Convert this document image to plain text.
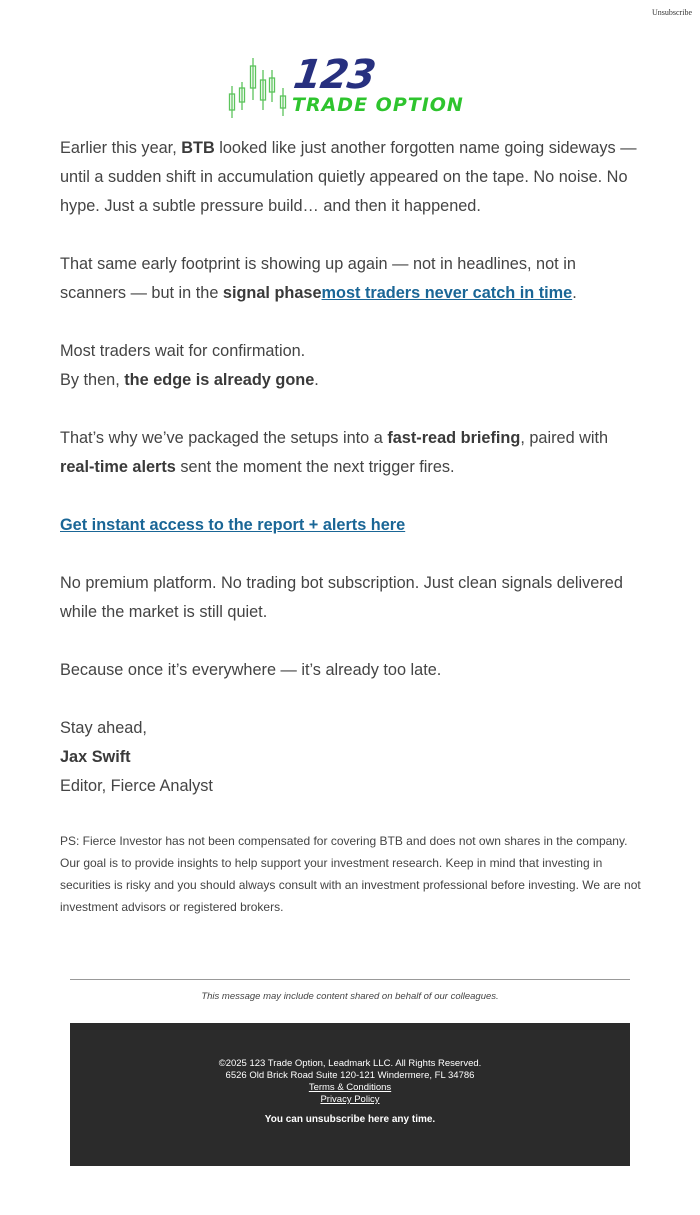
Unsubscribe
123
TRADE OPTION

Earlier this year, BTB looked like just another forgotten name going sideways — until a sudden shift in accumulation quietly appeared on the tape. No noise. No hype. Just a subtle pressure build… and then it happened.

That same early footprint is showing up again — not in headlines, not in scanners — but in the signal phasemost traders never catch in time.

Most traders wait for confirmation.
By then, the edge is already gone.

That’s why we’ve packaged the setups into a fast-read briefing, paired with real-time alerts sent the moment the next trigger fires.

Get instant access to the report + alerts here

No premium platform. No trading bot subscription. Just clean signals delivered while the market is still quiet.

Because once it’s everywhere — it’s already too late.

Stay ahead,
Jax Swift
Editor, Fierce Analyst

PS: Fierce Investor has not been compensated for covering BTB and does not own shares in the company. Our goal is to provide insights to help support your investment research. Keep in mind that investing in securities is risky and you should always consult with an investment professional before investing. We are not investment advisors or registered brokers.

This message may include content shared on behalf of our colleagues.
©2025 123 Trade Option, Leadmark LLC. All Rights Reserved.
6526 Old Brick Road Suite 120-121 Windermere, FL 34786
Terms & Conditions
Privacy Policy
You can unsubscribe here any time.
